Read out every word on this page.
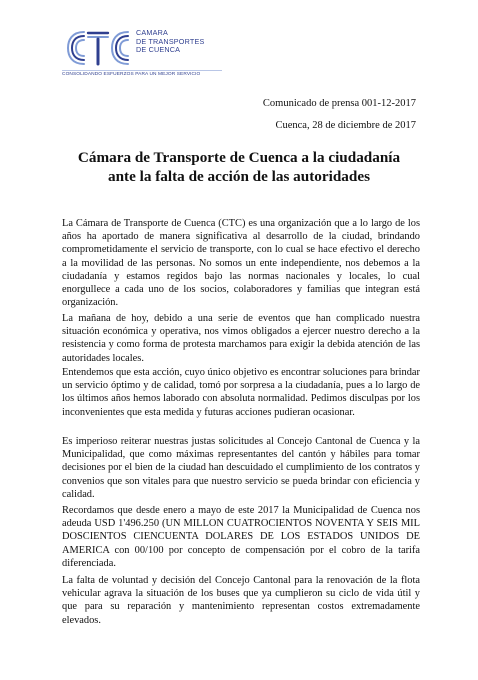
CAMARA
DE TRANSPORTES
DE CUENCA
CONSOLIDANDO ESFUERZOS PARA UN MEJOR SERVICIO
Comunicado de prensa 001-12-2017
Cuenca, 28 de diciembre de 2017
Cámara de Transporte de Cuenca a la ciudadanía
ante la falta de acción de las autoridades

La Cámara de Transporte de Cuenca (CTC) es una organización que a lo largo de los años ha aportado de manera significativa al desarrollo de la ciudad, brindando comprometidamente el servicio de transporte, con lo cual se hace efectivo el derecho a la movilidad de las personas. No somos un ente independiente, nos debemos a la ciudadanía y estamos regidos bajo las normas nacionales y locales, lo cual enorgullece a cada uno de los socios, colaboradores y familias que integran está organización.

La mañana de hoy, debido a una serie de eventos que han complicado nuestra situación económica y operativa, nos vimos obligados a ejercer nuestro derecho a la resistencia y como forma de protesta marchamos para exigir la debida atención de las autoridades locales.

Entendemos que esta acción, cuyo único objetivo es encontrar soluciones para brindar un servicio óptimo y de calidad, tomó por sorpresa a la ciudadanía, pues a lo largo de los últimos años hemos laborado con absoluta normalidad. Pedimos disculpas por los inconvenientes que esta medida y futuras acciones pudieran ocasionar.

Es imperioso reiterar nuestras justas solicitudes al Concejo Cantonal de Cuenca y la Municipalidad, que como máximas representantes del cantón y hábiles para tomar decisiones por el bien de la ciudad han descuidado el cumplimiento de los contratos y convenios que son vitales para que nuestro servicio se pueda brindar con eficiencia y calidad.

Recordamos que desde enero a mayo de este 2017 la Municipalidad de Cuenca nos adeuda USD 1'496.250 (UN MILLON CUATROCIENTOS NOVENTA Y SEIS MIL DOSCIENTOS CIENCUENTA DOLARES DE LOS ESTADOS UNIDOS DE AMERICA con 00/100 por concepto de compensación por el cobro de la tarifa diferenciada.

La falta de voluntad y decisión del Concejo Cantonal para la renovación de la flota vehicular agrava la situación de los buses que ya cumplieron su ciclo de vida útil y que para su reparación y mantenimiento representan costos extremadamente elevados.
